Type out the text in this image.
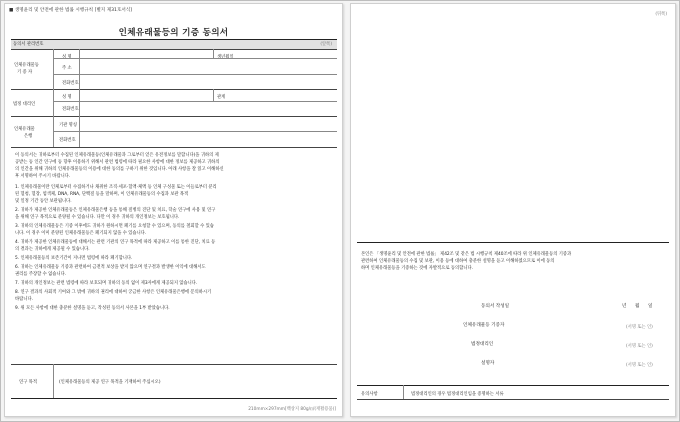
■ 생명윤리 및 안전에 관한 법률 시행규칙 [별지 제31호서식]
인체유래물등의 기증 동의서
동의서 관리번호	(앞쪽)
인체유래물등
기 증 자
성 명	생년월일
주 소
전화번호
법정 대리인
성 명	관계
전화번호
인체유래물
은행
기관 명칭
전화번호
이 동의서는 귀하로부터 수집된 인체유래물등(인체유래물과 그로부터 얻은 유전정보를 말합니다)을 귀하의 제
공받는 등 인간 연구에 등 향후 이용하기 위해서 관련 법령에 따라 필요한 사항에 대한 정보를 제공하고 귀하의
의 인간을 위해 귀하의 인체유래물등의 이용에 대한 동의를 구하기 위한 것입니다. 아래 사항을 잘 읽고 이해하신
후 서명하여 주시기 바랍니다.
1. 인체유래물이란 인체로부터 수집하거나 채취한 조직·세포·혈액·체액 등 인체 구성물 또는 이들로부터 분리
된 혈청, 혈장, 염색체, DNA, RNA, 단백질 등을 말하며, 이 인체유래물등의 수집과 보관 목적
및 일정 기간 동안 보관됩니다.
2. 귀하가 제공한 인체유래물등은 인체유래물은행 등을 통해 질병의 진단 및 치료, 학술 연구에 사용 및 연구
을 위해 연구 목적으로 분양될 수 있습니다. 다만 이 경우 귀하의 개인정보는 보호됩니다.
3. 귀하의 인체유래물등은 기증 이후에도 귀하가 원하시면 폐기를 요청할 수 있으며, 동의를 철회할 수 있습
니다. 이 경우 이미 분양된 인체유래물등은 폐기되지 않을 수 있습니다.
4. 귀하가 제공한 인체유래물등에 대해서는 관련 기관의 연구 목적에 따라 제공하고 이를 통한 진단, 치료 등
의 결과는 귀하에게 제공될 수 있습니다.
5. 인체유래물등의 보존기간이 지나면 법령에 따라 폐기합니다.
6. 귀하는 인체유래물등 기증과 관련하여 금전적 보상을 받지 않으며 연구결과 발생한 이익에 대해서도
권리를 주장할 수 없습니다.
7. 귀하의 개인정보는 관련 법령에 따라 보호되며 귀하의 동의 없이 제3자에게 제공되지 않습니다.
8. 연구 결과의 사회적 기여와 그 밖에 귀하의 권리에 대하여 궁금한 사항은 인체유래물은행에 문의하시기
바랍니다.
9. 위 모든 사항에 대한 충분한 설명을 듣고, 작성된 동의서 사본을 1부 받았습니다.
연구 목적	(인체유래물등의 제공 연구 목적을 기재하여 주십시오)
210mm×297mm[백상지 80g/㎡(재활용품)]
(뒤쪽)
본인은 「생명윤리 및 안전에 관한 법률」 제42조 및 같은 법 시행규칙 제40조에 따라 위 인체유래물등의 기증과
관련하여 인체유래물등의 수집 및 보관, 이용 등에 대하여 충분한 설명을 듣고 이해하였으므로 이에 동의
하며 인체유래물등을 기증하는 것에 자발적으로 동의합니다.
동의서 작성일	년 월 일
인체유래물등 기증자	(서명 또는 인)
법정대리인	(서명 또는 인)
설명자	(서명 또는 인)
유의사항	법정대리인의 경우 법정대리인임을 증명하는 서류
